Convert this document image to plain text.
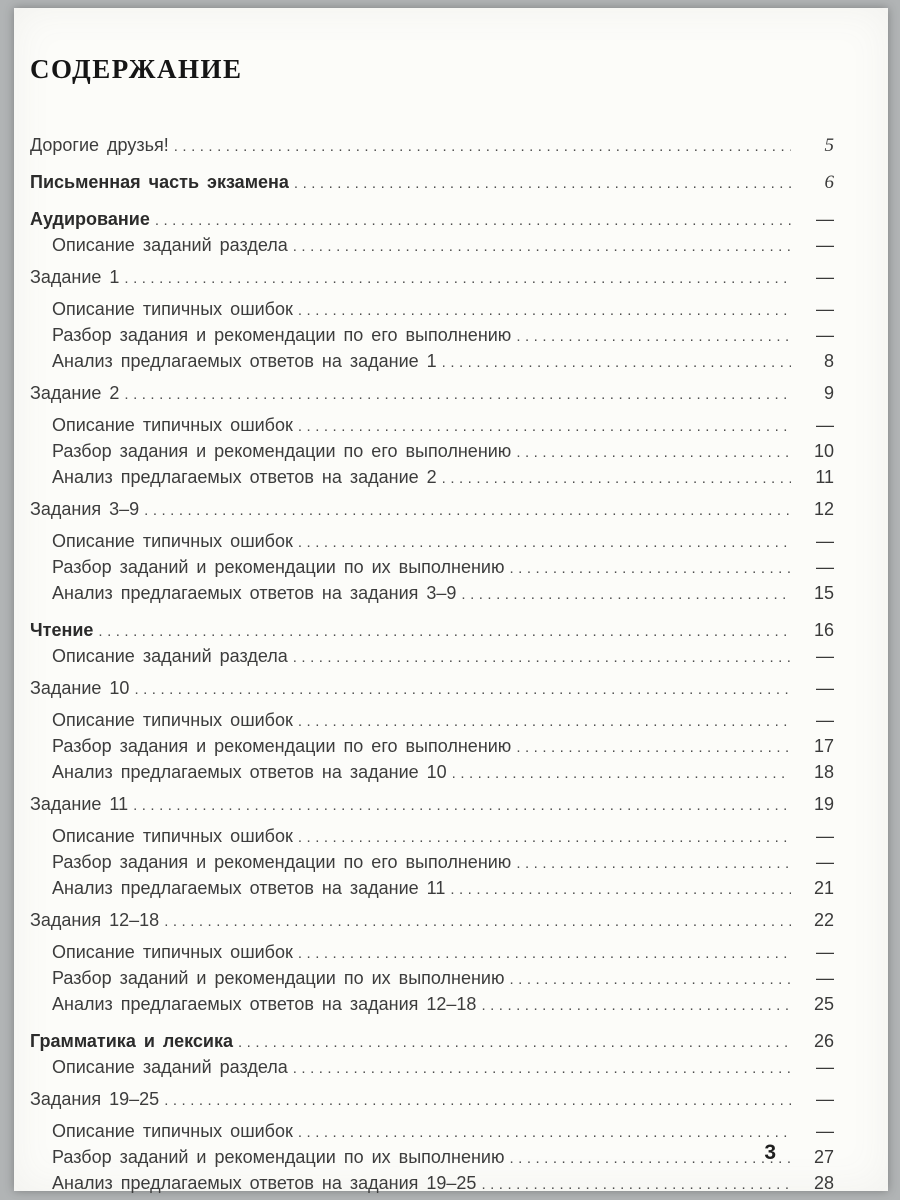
СОДЕРЖАНИЕ
Дорогие друзья! .....	5
Письменная часть экзамена .....	6
Аудирование .....	—
Описание заданий раздела .....	—
Задание 1 .....	—
Описание типичных ошибок .....	—
Разбор задания и рекомендации по его выполнению .....	—
Анализ предлагаемых ответов на задание 1 .....	8
Задание 2 .....	9
Описание типичных ошибок .....	—
Разбор задания и рекомендации по его выполнению .....	10
Анализ предлагаемых ответов на задание 2 .....	11
Задания 3–9 .....	12
Описание типичных ошибок .....	—
Разбор заданий и рекомендации по их выполнению .....	—
Анализ предлагаемых ответов на задания 3–9 .....	15
Чтение .....	16
Описание заданий раздела .....	—
Задание 10 .....	—
Описание типичных ошибок .....	—
Разбор задания и рекомендации по его выполнению .....	17
Анализ предлагаемых ответов на задание 10 .....	18
Задание 11 .....	19
Описание типичных ошибок .....	—
Разбор задания и рекомендации по его выполнению .....	—
Анализ предлагаемых ответов на задание 11 .....	21
Задания 12–18 .....	22
Описание типичных ошибок .....	—
Разбор заданий и рекомендации по их выполнению .....	—
Анализ предлагаемых ответов на задания 12–18 .....	25
Грамматика и лексика .....	26
Описание заданий раздела .....	—
Задания 19–25 .....	—
Описание типичных ошибок .....	—
Разбор заданий и рекомендации по их выполнению .....	27
Анализ предлагаемых ответов на задания 19–25 .....	28
3
